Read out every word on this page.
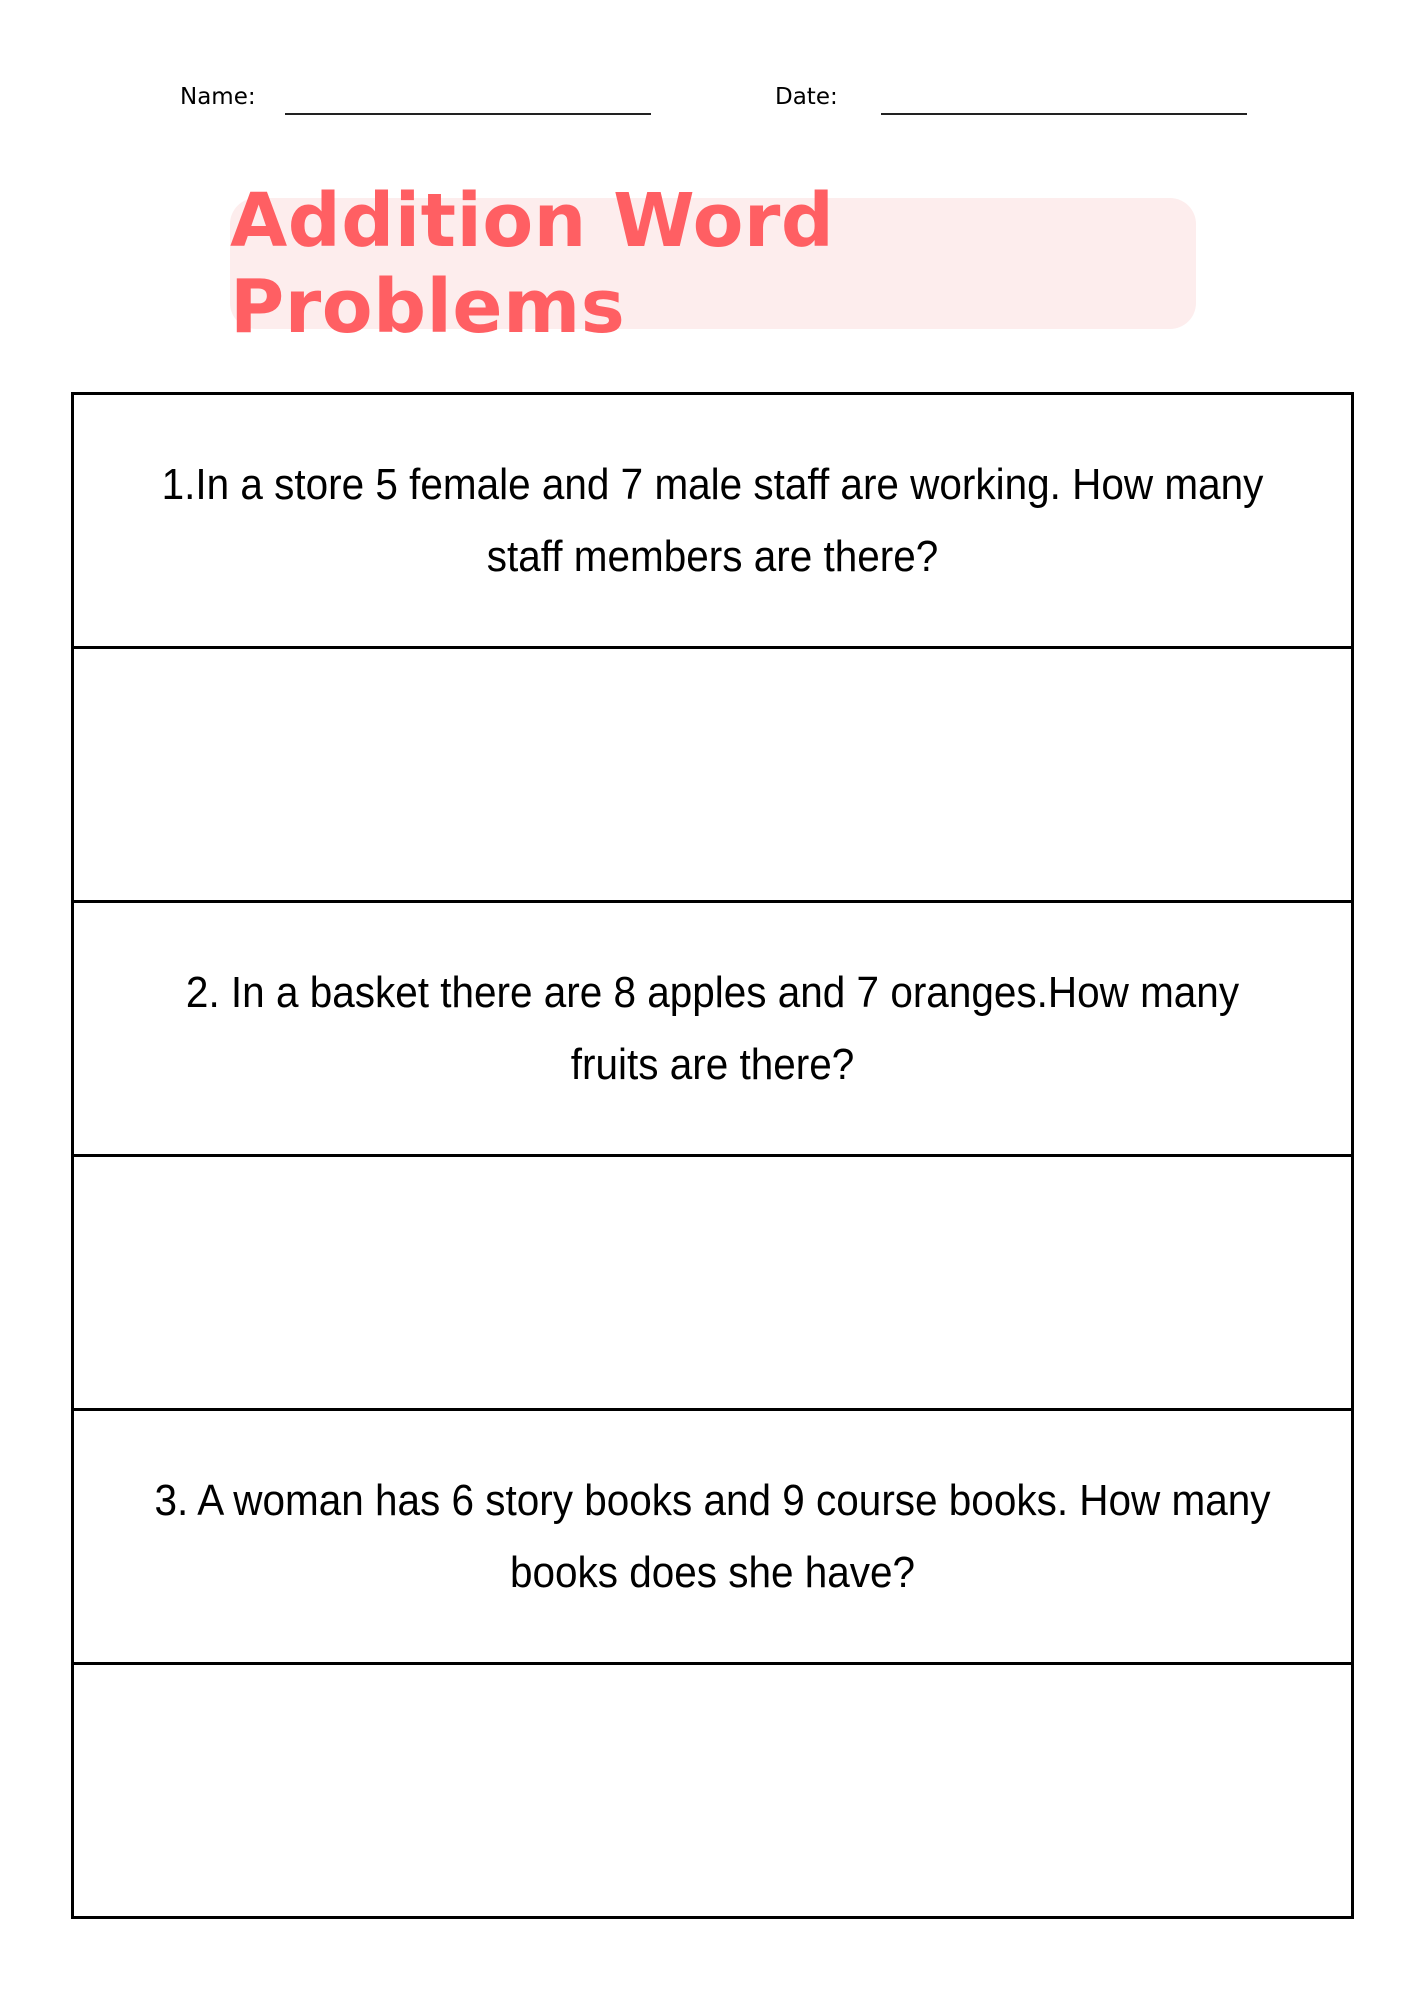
Name:	Date:
Addition Word Problems
1.In a store 5 female and 7 male staff are working. How many staff members are there?
2. In a basket there are 8 apples and 7 oranges.How many fruits are there?
3. A woman has 6 story books and 9 course books. How many books does she have?
